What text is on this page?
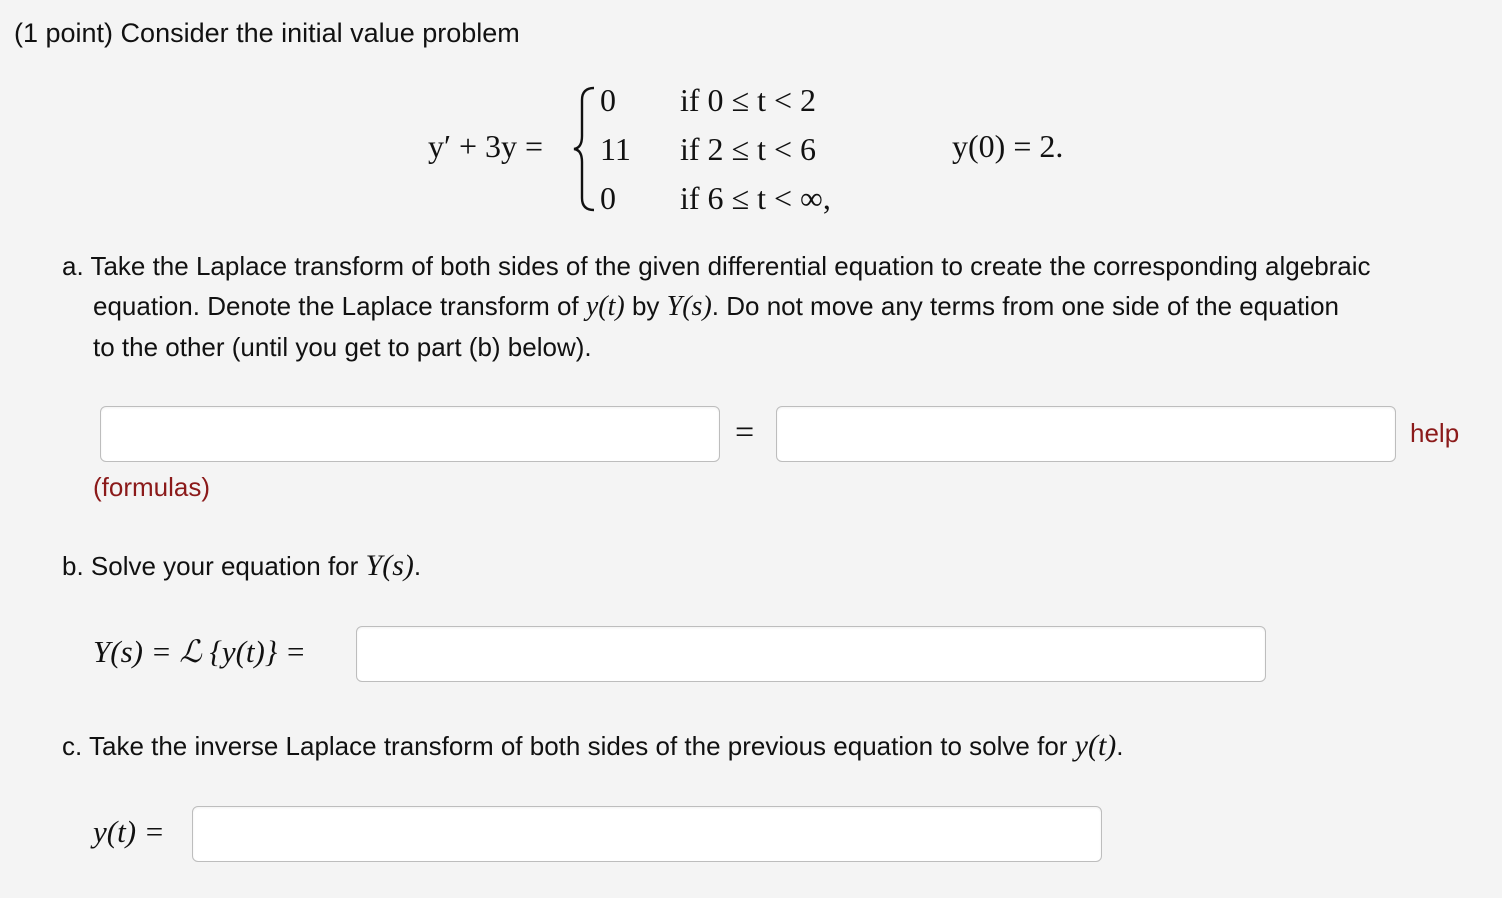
(1 point) Consider the initial value problem
y′ + 3y =
0
11
0
if 0 ≤ t < 2
if 2 ≤ t < 6
if 6 ≤ t < ∞,
y(0) = 2.
a. Take the Laplace transform of both sides of the given differential equation to create the corresponding algebraic
equation. Denote the Laplace transform of y(t) by Y(s). Do not move any terms from one side of the equation
to the other (until you get to part (b) below).
=	help
(formulas)
b. Solve your equation for Y(s).
Y(s) = ℒ {y(t)} =
c. Take the inverse Laplace transform of both sides of the previous equation to solve for y(t).
y(t) =
